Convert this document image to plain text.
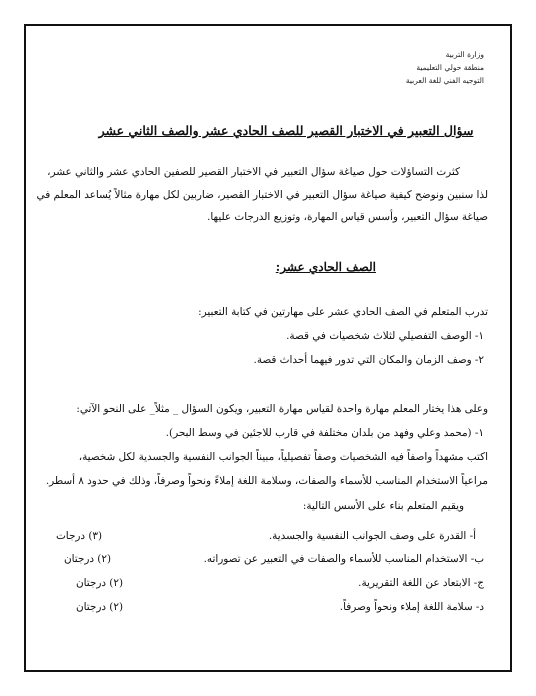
وزارة التربية
منطقة حولي التعليمية
التوجيه الفني للغة العربية
سؤال التعبير في الاختبار القصير للصف الحادي عشر والصف الثاني عشر
كثرت التساؤلات حول صياغة سؤال التعبير في الاختبار القصير للصفين الحادي عشر والثاني عشر،
لذا سنبين ونوضح كيفية صياغة سؤال التعبير في الاختبار القصير، ضاربين لكل مهارة مثالاً يُساعد المعلم في
صياغة سؤال التعبير، وأسس قياس المهارة، وتوزيع الدرجات عليها.
الصف الحادي عشر:
تدرب المتعلم في الصف الحادي عشر على مهارتين في كتابة التعبير:
١- الوصف التفصيلي لثلاث شخصيات في قصة.
٢- وصف الزمان والمكان التي تدور فيهما أحداث قصة.
وعلى هذا يختار المعلم مهارة واحدة لقياس مهارة التعبير، ويكون السؤال _ مثلاً_ على النحو الآتي:
١- (محمد وعلي وفهد من بلدان مختلفة في قارب للاجئين في وسط البحر).
اكتب مشهداً واصفاً فيه الشخصيات وصفاً تفصيلياً، مبيناً الجوانب النفسية والجسدية لكل شخصية،
مراعياً الاستخدام المناسب للأسماء والصفات، وسلامة اللغة إملاءً ونحواً وصرفاً، وذلك في حدود ٨ أسطر.
ويقيم المتعلم بناء على الأسس التالية:
أ- القدرة على وصف الجوانب النفسية والجسدية.
(٣) درجات
ب- الاستخدام المناسب للأسماء والصفات في التعبير عن تصوراته.
(٢) درجتان
ج- الابتعاد عن اللغة التقريرية.
(٢) درجتان
د- سلامة اللغة إملاء ونحواً وصرفاً.
(٢) درجتان
